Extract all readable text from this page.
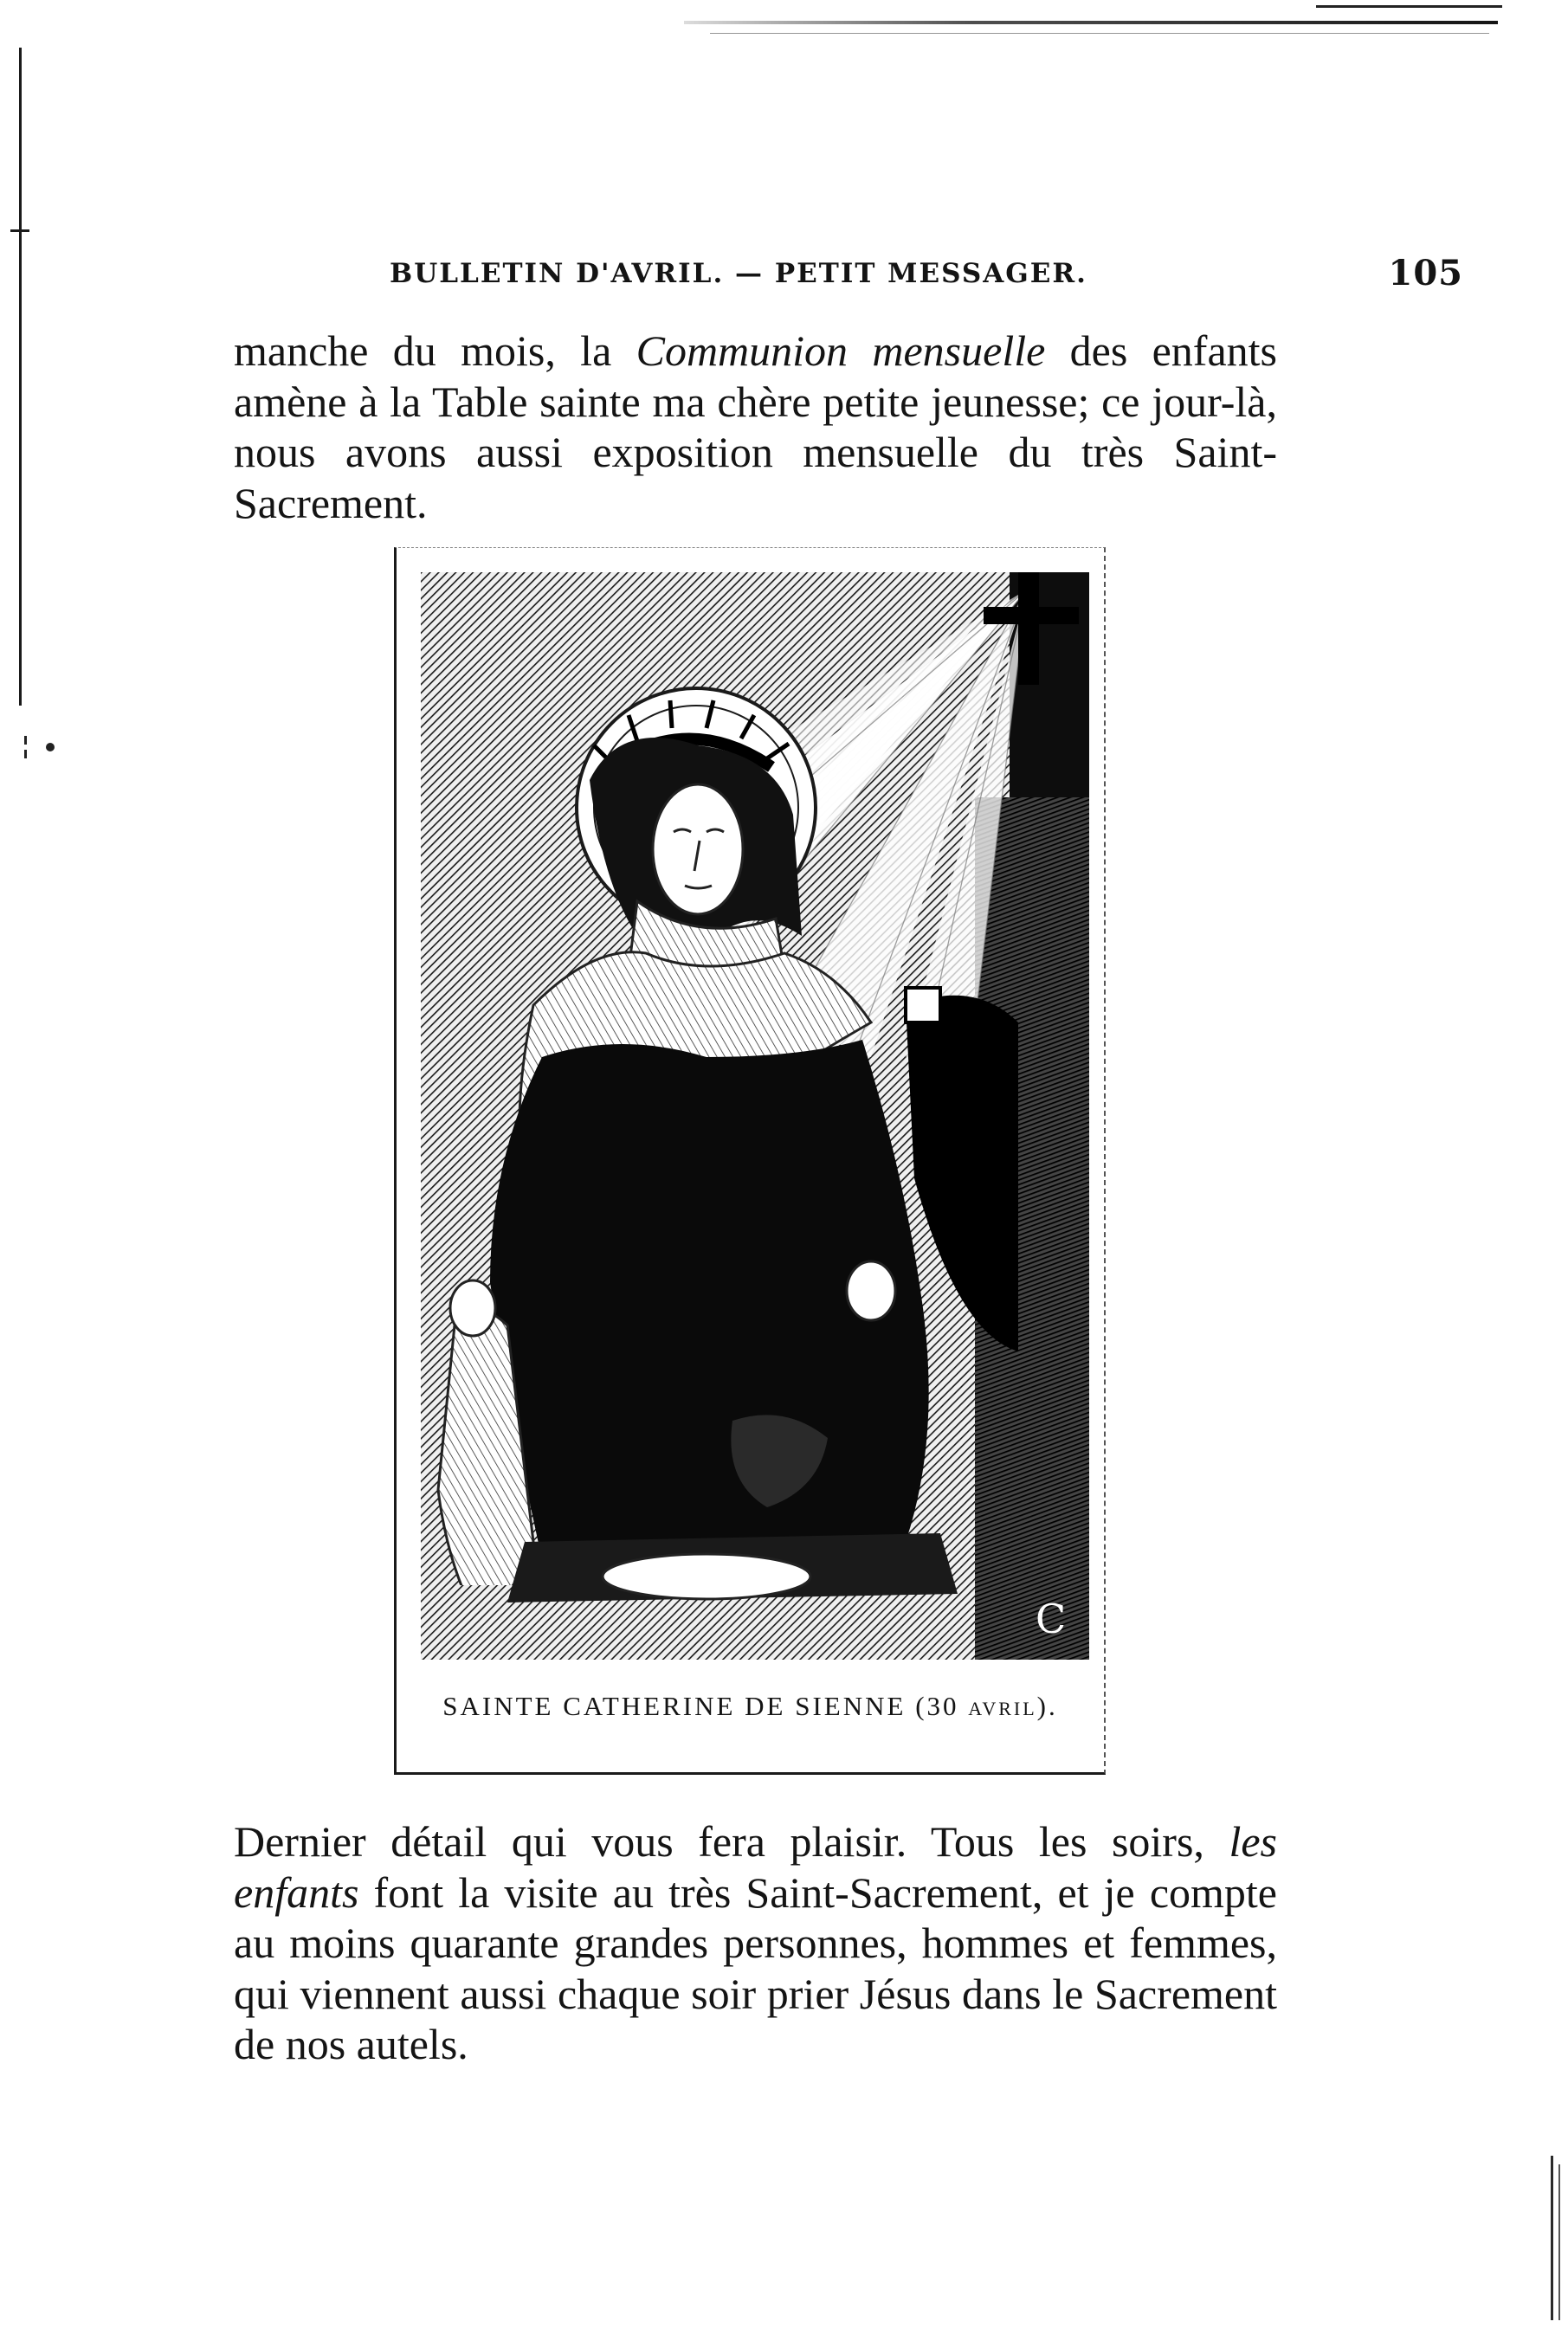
BULLETIN D'AVRIL. — PETIT MESSAGER.	105

manche du mois, la Communion mensuelle des enfants amène à la Table sainte ma chère petite jeunesse; ce jour-là, nous avons aussi exposition mensuelle du très Saint-Sacrement.

C
SAINTE CATHERINE DE SIENNE (30 avril).

Dernier détail qui vous fera plaisir. Tous les soirs, les enfants font la visite au très Saint-Sacrement, et je compte au moins quarante grandes personnes, hommes et femmes, qui viennent aussi chaque soir prier Jésus dans le Sacrement de nos autels.
